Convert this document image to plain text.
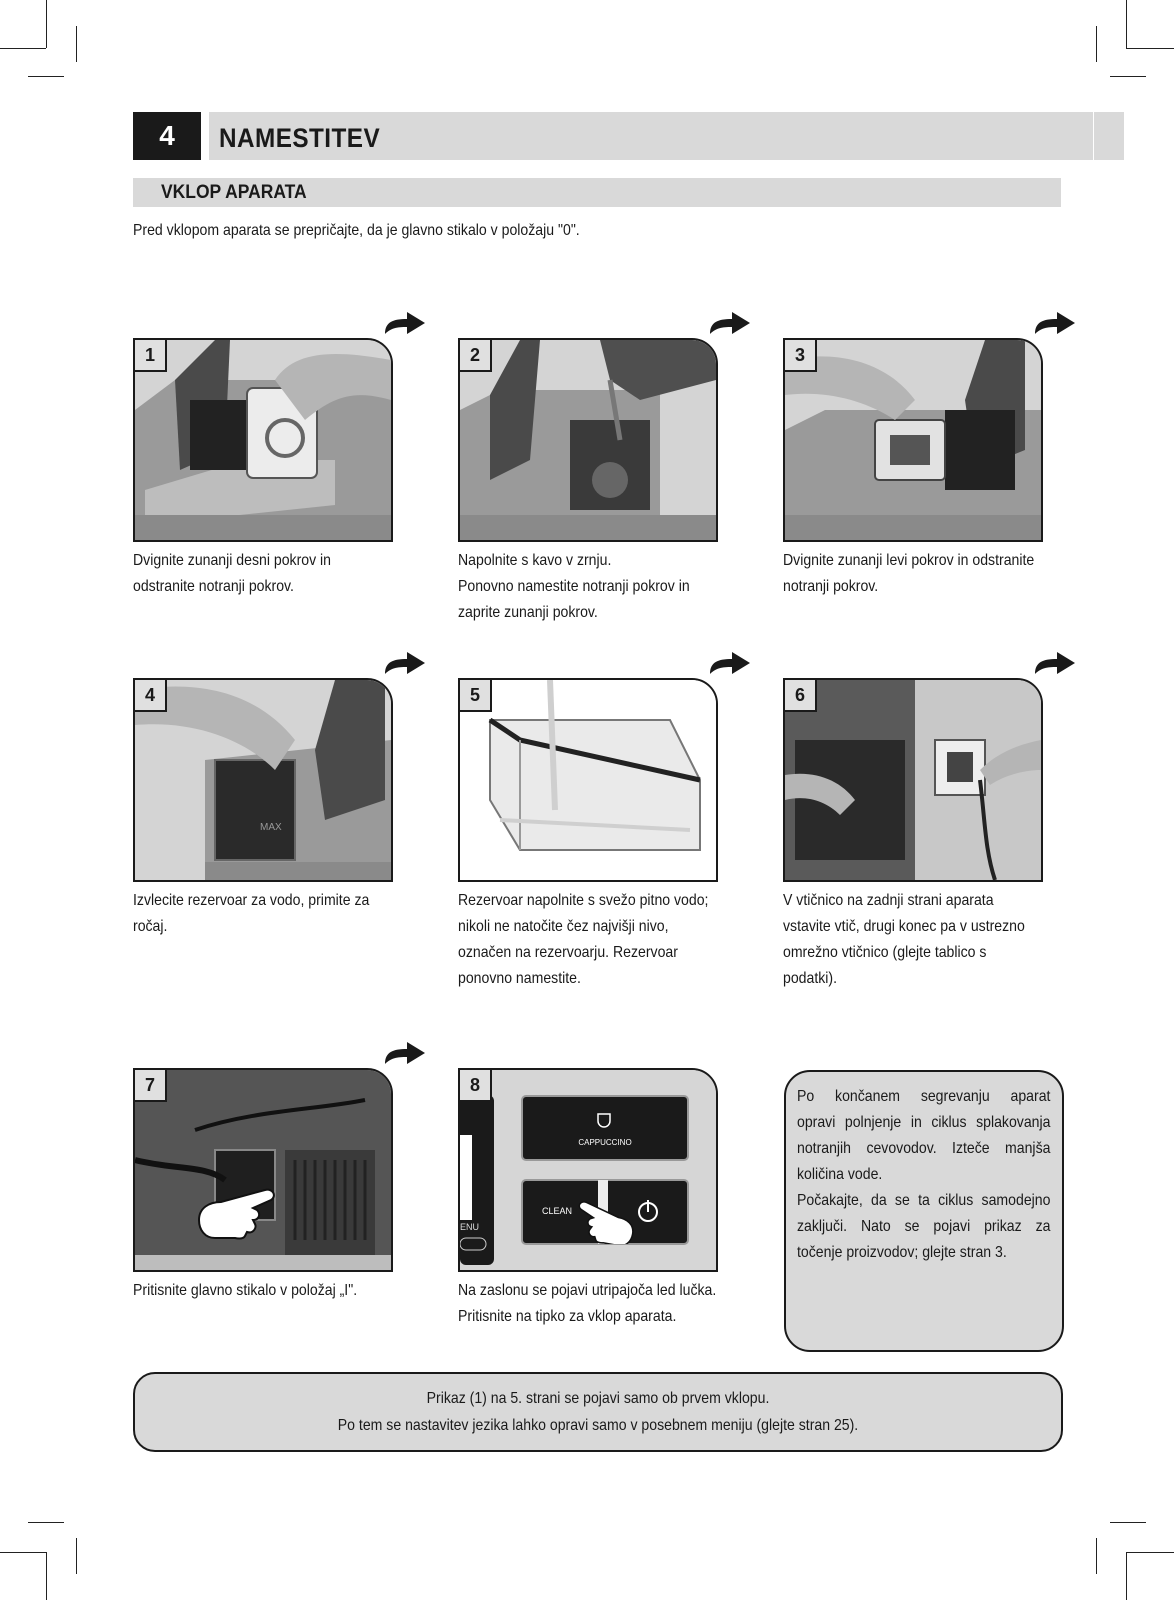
4	NAMESTITEV
VKLOP APARATA
Pred vklopom aparata se prepričajte, da je glavno stikalo v položaju "0".
1
Dvignite zunanji desni pokrov in
odstranite notranji pokrov.
2
Napolnite s kavo v zrnju.
Ponovno namestite notranji pokrov in
zaprite zunanji pokrov.
3
Dvignite zunanji levi pokrov in odstranite
notranji pokrov.
MAX
4
Izvlecite rezervoar za vodo, primite za
ročaj.
5
Rezervoar napolnite s svežo pitno vodo;
nikoli ne natočite čez najvišji nivo,
označen na rezervoarju. Rezervoar
ponovno namestite.
6
V vtičnico na zadnji strani aparata
vstavite vtič, drugi konec pa v ustrezno
omrežno vtičnico (glejte tablico s
podatki).
7
Pritisnite glavno stikalo v položaj „I".
CAPPUCCINO
CLEAN
ENU
8
Na zaslonu se pojavi utripajoča led lučka.
Pritisnite na tipko za vklop aparata.
Po končanem segrevanju aparat
opravi polnjenje in ciklus splakovanja
notranjih cevovodov. Izteče manjša
količina vode.
Počakajte, da se ta ciklus samodejno
zaključi. Nato se pojavi prikaz za
točenje proizvodov; glejte stran 3.
Prikaz (1) na 5. strani se pojavi samo ob prvem vklopu.
Po tem se nastavitev jezika lahko opravi samo v posebnem meniju (glejte stran 25).
